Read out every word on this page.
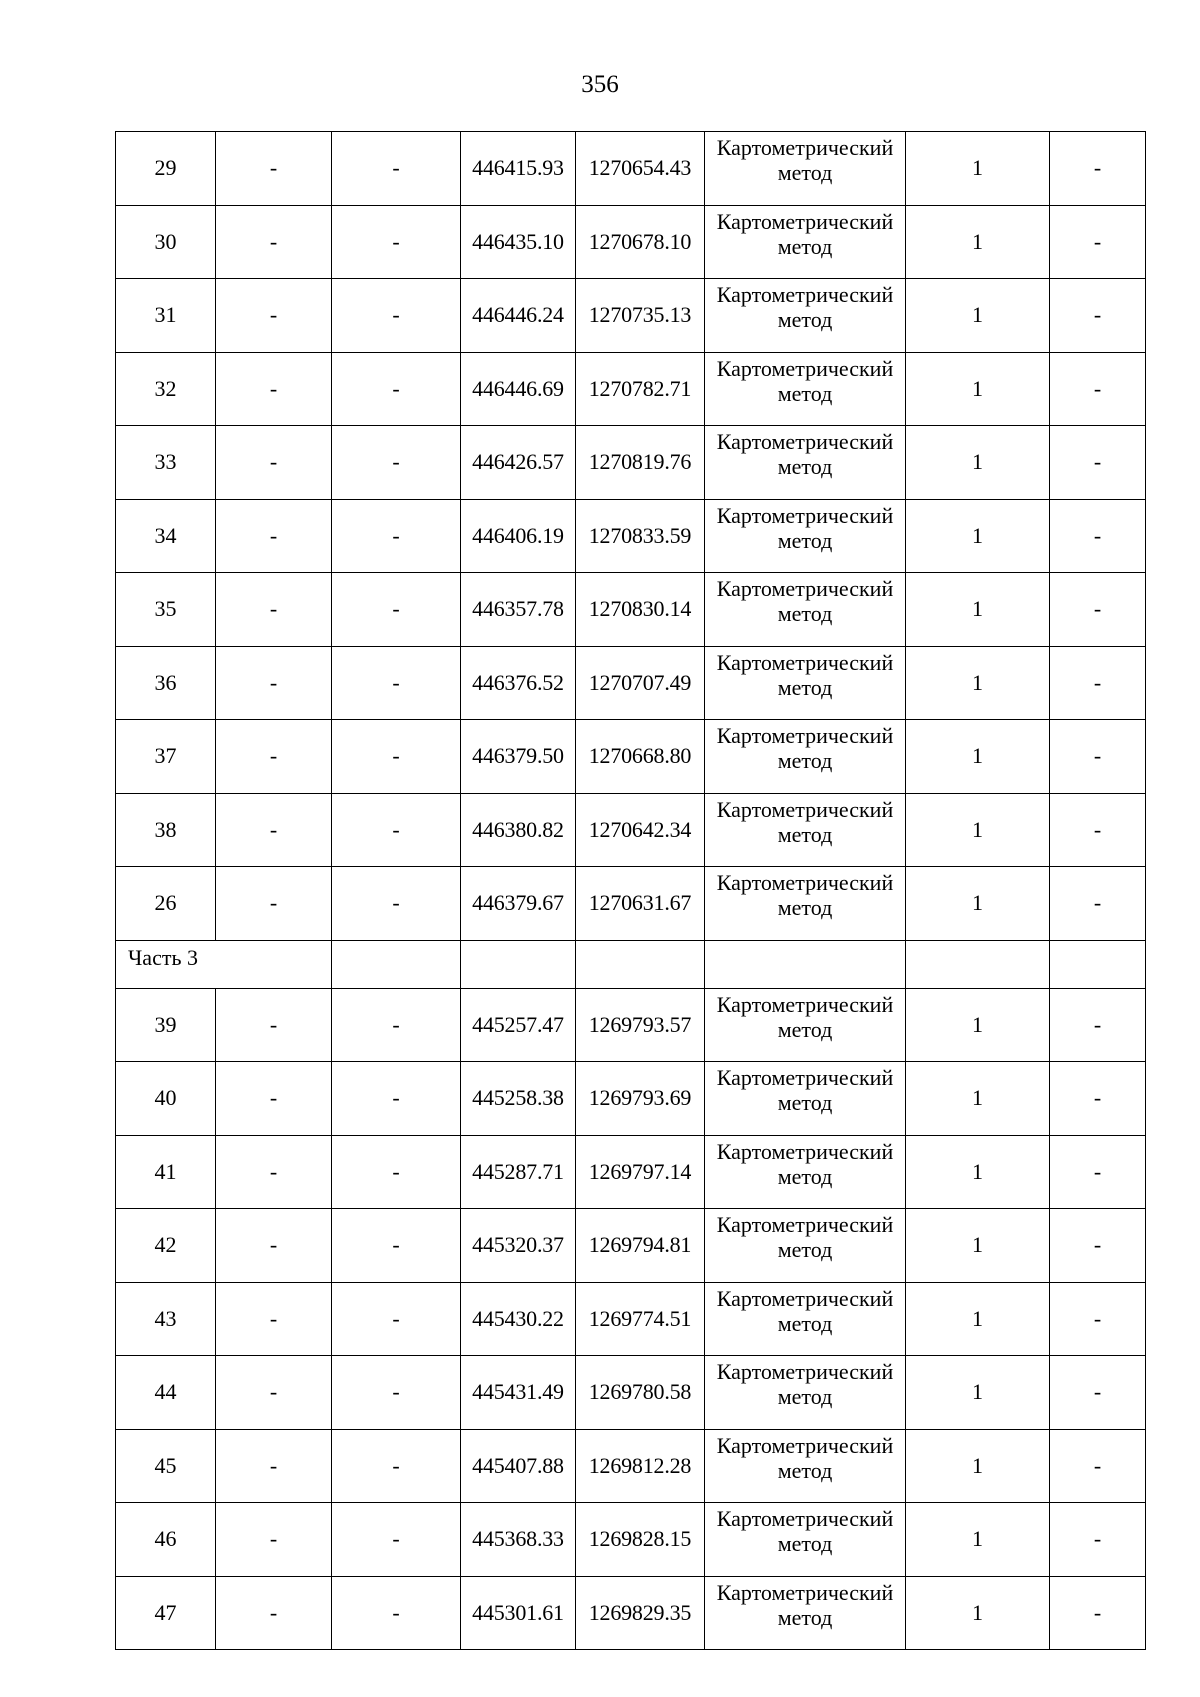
356
29	-	-	446415.93	1270654.43	Картометрический
метод	1	-
30	-	-	446435.10	1270678.10	Картометрический
метод	1	-
31	-	-	446446.24	1270735.13	Картометрический
метод	1	-
32	-	-	446446.69	1270782.71	Картометрический
метод	1	-
33	-	-	446426.57	1270819.76	Картометрический
метод	1	-
34	-	-	446406.19	1270833.59	Картометрический
метод	1	-
35	-	-	446357.78	1270830.14	Картометрический
метод	1	-
36	-	-	446376.52	1270707.49	Картометрический
метод	1	-
37	-	-	446379.50	1270668.80	Картометрический
метод	1	-
38	-	-	446380.82	1270642.34	Картометрический
метод	1	-
26	-	-	446379.67	1270631.67	Картометрический
метод	1	-
Часть 3							
39	-	-	445257.47	1269793.57	Картометрический
метод	1	-
40	-	-	445258.38	1269793.69	Картометрический
метод	1	-
41	-	-	445287.71	1269797.14	Картометрический
метод	1	-
42	-	-	445320.37	1269794.81	Картометрический
метод	1	-
43	-	-	445430.22	1269774.51	Картометрический
метод	1	-
44	-	-	445431.49	1269780.58	Картометрический
метод	1	-
45	-	-	445407.88	1269812.28	Картометрический
метод	1	-
46	-	-	445368.33	1269828.15	Картометрический
метод	1	-
47	-	-	445301.61	1269829.35	Картометрический
метод	1	-
